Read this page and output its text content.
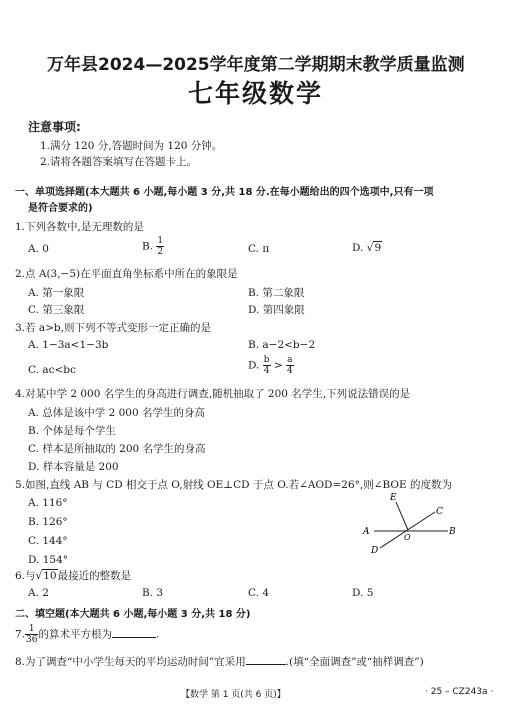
万年县2024—2025学年度第二学期期末教学质量监测
七年级数学
注意事项:
1.满分 120 分,答题时间为 120 分钟。
2.请将各题答案填写在答题卡上。
一、单项选择题(本大题共 6 小题,每小题 3 分,共 18 分.在每小题给出的四个选项中,只有一项
是符合要求的)
1.下列各数中,是无理数的是
A. 0	B. $\frac{1}{2}$	C. π	D. √9
2.点 A(3,−5)在平面直角坐标系中所在的象限是
A. 第一象限	B. 第二象限
C. 第三象限	D. 第四象限
3.若 a>b,则下列不等式变形一定正确的是
A. 1−3a<1−3b	B. a−2<b−2
C. ac<bc	D. $\frac{b}{4} > \frac{a}{4}$
4.对某中学 2 000 名学生的身高进行调查,随机抽取了 200 名学生,下列说法错误的是
A. 总体是该中学 2 000 名学生的身高
B. 个体是每个学生
C. 样本是所抽取的 200 名学生的身高
D. 样本容量是 200
5.如图,直线 AB 与 CD 相交于点 O,射线 OE⊥CD 于点 O.若∠AOD=26°,则∠BOE 的度数为
A. 116°
B. 126°
C. 144°
D. 154°
A	B
C
D
E
O
6.与√10最接近的整数是
A. 2	B. 3	C. 4	D. 5
二、填空题(本大题共 6 小题,每小题 3 分,共 18 分)
7. $\frac{1}{36}$ 的算术平方根为	.
8.为了调查“中小学生每天的平均运动时间”宜采用	.(填“全面调查”或“抽样调查”)
【数学 第 1 页(共 6 页)】	· 25 – CZ243a ·
